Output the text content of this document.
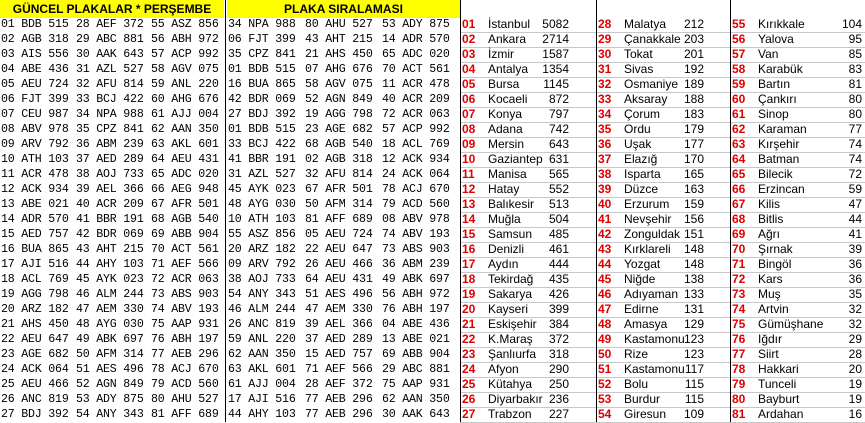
GÜNCEL PLAKALAR * PERŞEMBE	PLAKA SIRALAMASI
01 BDB 515 28 AEF 372 55 ASZ 856 34 NPA 988 80 AHU 527 53 ADY 875	01	İstanbul	5082 28	Malatya	212 55	Kırıkkale	104
02 AGB 318 29 ABC 881 56 ABH 972 06 FJT 399 43 AHT 215 14 ADR 570	02	Ankara	2714 29	Çanakkale 203 56	Yalova	95
03 AIS 556 30 AAK 643 57 ACP 992 35 CPZ 841 21 AHS 450 65 ADC 020	03	İzmir	1587 30	Tokat	201 57	Van	85
04 ABE 436 31 AZL 527 58 AGV 075 01 BDB 515 07 AHG 676 70 ACT 561	04	Antalya	1354 31	Sivas	192 58	Karabük	83
05 AEU 724 32 AFU 814 59 ANL 220 16 BUA 865 58 AGV 075 11 ACR 478	05	Bursa	1145 32	Osmaniye 189 59	Bartın	81
06 FJT 399 33 BCJ 422 60 AHG 676 42 BDR 069 52 AGN 849 40 ACR 209	06	Kocaeli	872 33	Aksaray	188 60	Çankırı	80
07 CEU 987 34 NPA 988 61 AJJ 004 27 BDJ 392 19 AGG 798 72 ACR 063	07	Konya	797 34	Çorum	183 61	Sinop	80
08 ABV 978 35 CPZ 841 62 AAN 350 01 BDB 515 23 AGE 682 57 ACP 992	08	Adana	742 35	Ordu	179 62	Karaman	77
09 ARV 792 36 ABM 239 63 AKL 601 33 BCJ 422 68 AGB 540 18 ACL 769	09	Mersin	643 36	Uşak	177 63	Kırşehir	74
10 ATH 103 37 AED 289 64 AEU 431 41 BBR 191 02 AGB 318 12 ACK 934	10	Gaziantep 631 37	Elazığ	170 64	Batman	74
11 ACR 478 38 AOJ 733 65 ADC 020 31 AZL 527 32 AFU 814 24 ACK 064	11	Manisa	565 38	Isparta	165 65	Bilecik	72
12 ACK 934 39 AEL 366 66 AEG 948 45 AYK 023 67 AFR 501 78 ACJ 670	12	Hatay	552 39	Düzce	163 66	Erzincan	59
13 ABE 021 40 ACR 209 67 AFR 501 48 AYG 030 50 AFM 314 79 ACD 560	13	Balıkesir	513 40	Erzurum	159 67	Kilis	47
14 ADR 570 41 BBR 191 68 AGB 540 10 ATH 103 81 AFF 689 08 ABV 978	14	Muğla	504 41	Nevşehir	156 68	Bitlis	44
15 AED 757 42 BDR 069 69 ABB 904 55 ASZ 856 05 AEU 724 74 ABV 193	15	Samsun	485 42	Zonguldak 151 69	Ağrı	41
16 BUA 865 43 AHT 215 70 ACT 561 20 ARZ 182 22 AEU 647 73 ABS 903	16	Denizli	461 43	Kırklareli	148 70	Şırnak	39
17 AJI 516 44 AHY 103 71 AEF 566 09 ARV 792 26 AEU 466 36 ABM 239	17	Aydın	444 44	Yozgat	148 71	Bingöl	36
18 ACL 769 45 AYK 023 72 ACR 063 38 AOJ 733 64 AEU 431 49 ABK 697	18	Tekirdağ	435 45	Niğde	138 72	Kars	36
19 AGG 798 46 ALM 244 73 ABS 903 54 ANY 343 51 AES 496 56 ABH 972	19	Sakarya	426 46	Adıyaman 133 73	Muş	35
20 ARZ 182 47 AEM 330 74 ABV 193 46 ALM 244 47 AEM 330 76 ABH 197	20	Kayseri	399 47	Edirne	131 74	Artvin	32
21 AHS 450 48 AYG 030 75 AAP 931 26 ANC 819 39 AEL 366 04 ABE 436	21	Eskişehir	384 48	Amasya	129 75	Gümüşhane	32
22 AEU 647 49 ABK 697 76 ABH 197 59 ANL 220 37 AED 289 13 ABE 021	22	K.Maraş	372 49	Kastamonu 123 76	Iğdır	29
23 AGE 682 50 AFM 314 77 AEB 296 62 AAN 350 15 AED 757 69 ABB 904	23	Şanlıurfa	318 50	Rize	123 77	Siirt	28
24 ACK 064 51 AES 496 78 ACJ 670 63 AKL 601 71 AEF 566 29 ABC 881	24	Afyon	290 51	Kastamonu 117 78	Hakkari	20
25 AEU 466 52 AGN 849 79 ACD 560 61 AJJ 004 28 AEF 372 75 AAP 931	25	Kütahya	250 52	Bolu	115 79	Tunceli	19
26 ANC 819 53 ADY 875 80 AHU 527 17 AJI 516 77 AEB 296 62 AAN 350	26	Diyarbakır 236 53	Burdur	115 80	Bayburt	19
27 BDJ 392 54 ANY 343 81 AFF 689 44 AHY 103 77 AEB 296 30 AAK 643	27	Trabzon	227 54	Giresun	109 81	Ardahan	16
